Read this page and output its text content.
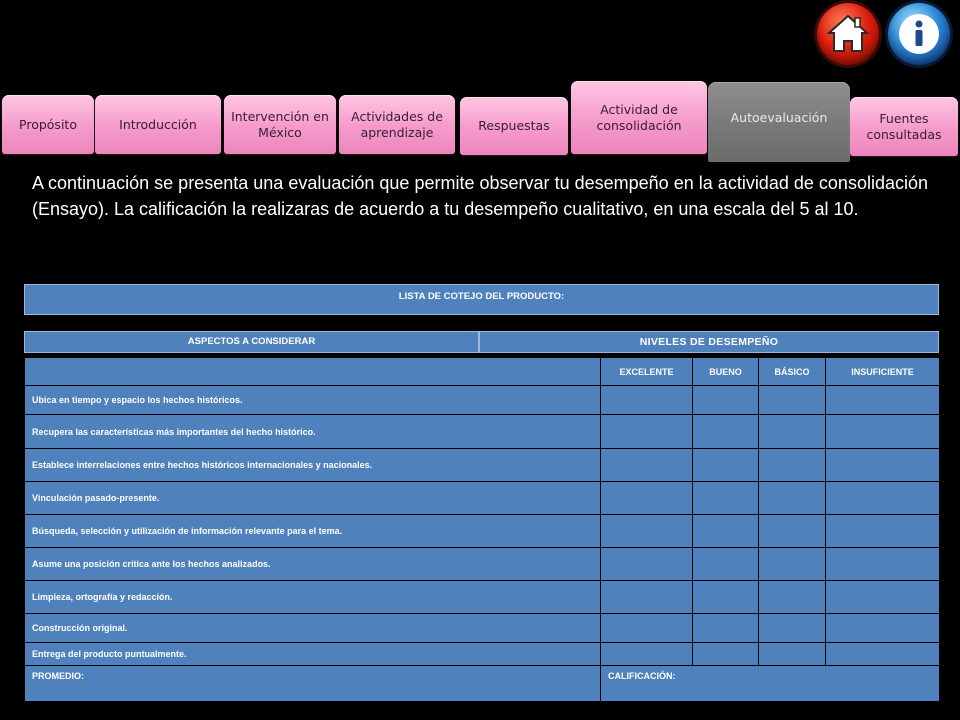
Propósito	Introducción
Intervención en México
Actividades de aprendizaje	Respuestas
Actividad de consolidación	Autoevaluación	Fuentes consultadas

A continuación se presenta una evaluación que permite observar tu desempeño en la actividad de consolidación (Ensayo). La calificación la realizaras de acuerdo a tu desempeño cualitativo, en una escala del 5 al 10.

LISTA DE COTEJO DEL PRODUCTO:
ASPECTOS A CONSIDERAR	NIVELES DE DESEMPEÑO
	EXCELENTE	BUENO	BÁSICO	INSUFICIENTE
Ubica en tiempo y espacio los hechos históricos.				
Recupera las características más importantes del hecho histórico.				
Establece interrelaciones entre hechos históricos internacionales y nacionales.				
Vinculación pasado-presente.				
Búsqueda, selección y utilización de información relevante para el tema.				
Asume una posición crítica ante los hechos analizados.				
Limpieza, ortografía y redacción.				
Construcción original.				
Entrega del producto puntualmente.				
PROMEDIO:	CALIFICACIÓN:			
